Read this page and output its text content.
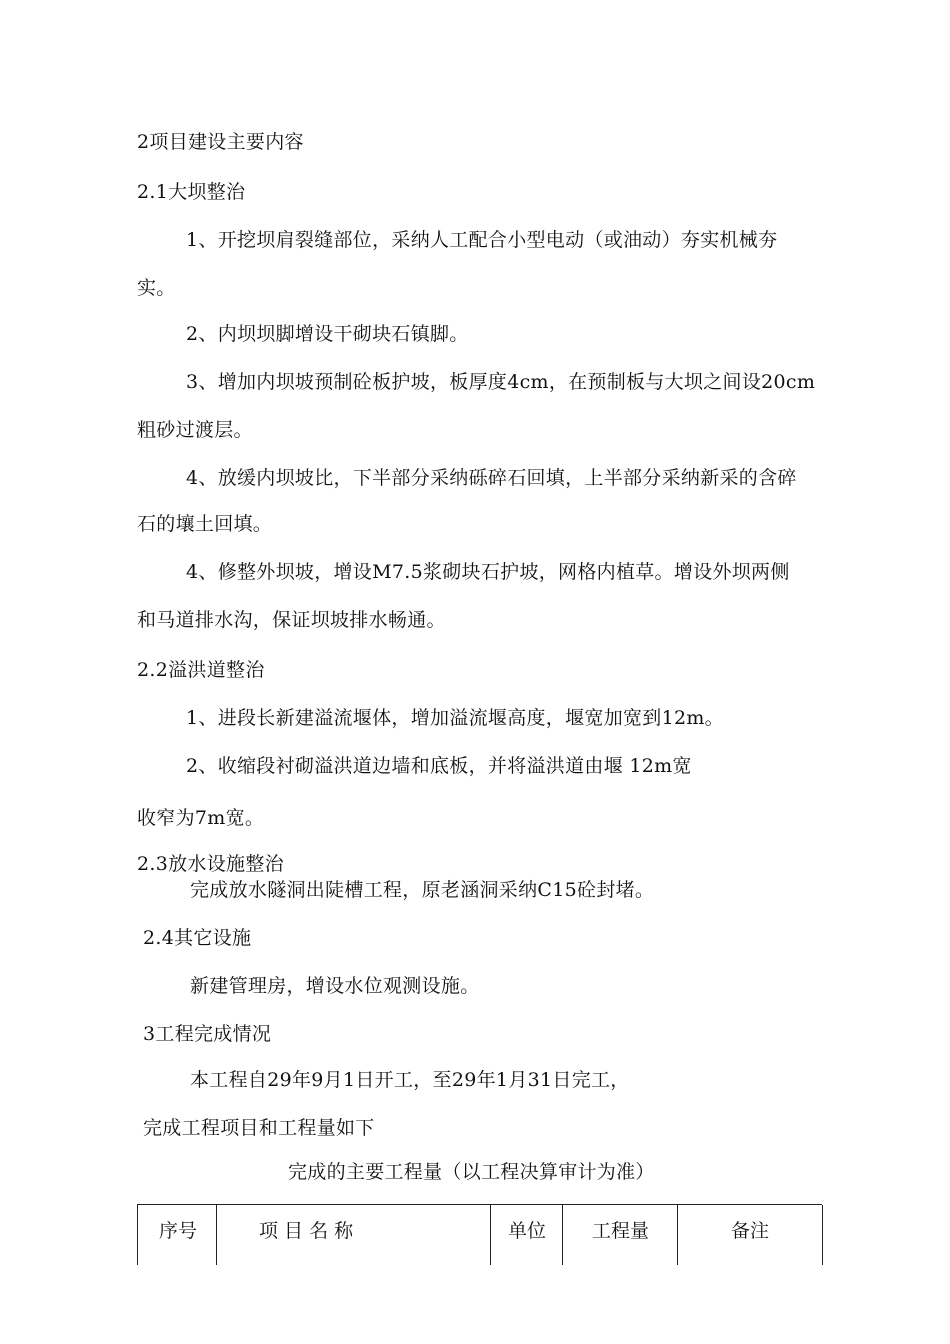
2项目建设主要内容
2.1大坝整治
1、开挖坝肩裂缝部位，采纳人工配合小型电动（或油动）夯实机械夯
实。
2、内坝坝脚增设干砌块石镇脚。
3、增加内坝坡预制砼板护坡，板厚度4cm，在预制板与大坝之间设20cm
粗砂过渡层。
4、放缓内坝坡比，下半部分采纳砾碎石回填，上半部分采纳新采的含碎
石的壤土回填。
4、修整外坝坡，增设M7.5浆砌块石护坡，网格内植草。增设外坝两侧
和马道排水沟，保证坝坡排水畅通。
2.2溢洪道整治
1、进段长新建溢流堰体，增加溢流堰高度，堰宽加宽到12m。
2、收缩段衬砌溢洪道边墙和底板，并将溢洪道由堰 12m宽
收窄为7m宽。
2.3放水设施整治
完成放水隧洞出陡槽工程，原老涵洞采纳C15砼封堵。
2.4其它设施
新建管理房，增设水位观测设施。
3工程完成情况
本工程自29年9月1日开工，至29年1月31日完工，
完成工程项目和工程量如下
完成的主要工程量（以工程决算审计为准）
序号	项 目 名 称	单位 工程量	备注
